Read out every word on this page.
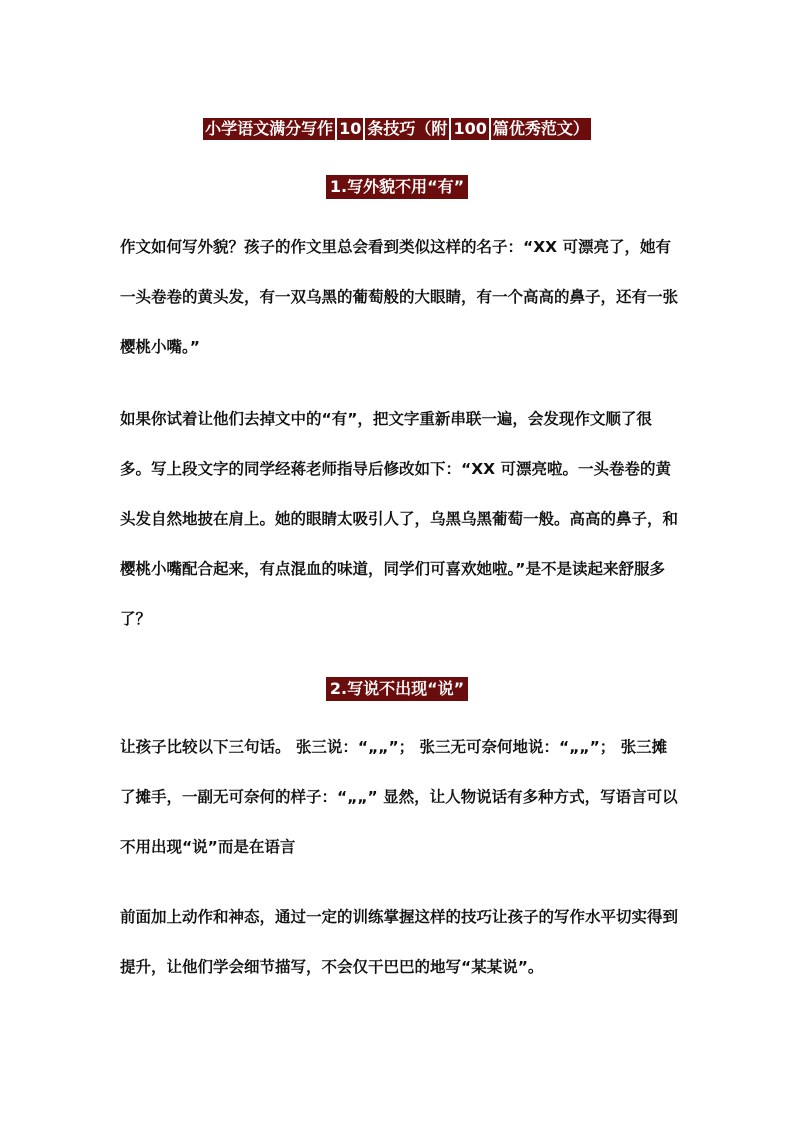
小学语文满分写作 10 条技巧（附 100 篇优秀范文）
1.写外貌不用“有”

作文如何写外貌？孩子的作文里总会看到类似这样的名子：“XX 可漂亮了，她有一头卷卷的黄头发，有一双乌黑的葡萄般的大眼睛，有一个高高的鼻子，还有一张樱桃小嘴。”

如果你试着让他们去掉文中的“有”，把文字重新串联一遍，会发现作文顺了很多。写上段文字的同学经蒋老师指导后修改如下：“XX 可漂亮啦。一头卷卷的黄头发自然地披在肩上。她的眼睛太吸引人了，乌黑乌黑葡萄一般。高高的鼻子，和樱桃小嘴配合起来，有点混血的味道，同学们可喜欢她啦。”是不是读起来舒服多了？

2.写说不出现“说”

让孩子比较以下三句话。 张三说：“„„”； 张三无可奈何地说：“„„”； 张三摊了摊手，一副无可奈何的样子：“„„” 显然，让人物说话有多种方式，写语言可以不用出现“说”而是在语言

前面加上动作和神态，通过一定的训练掌握这样的技巧让孩子的写作水平切实得到提升，让他们学会细节描写，不会仅干巴巴的地写“某某说”。
